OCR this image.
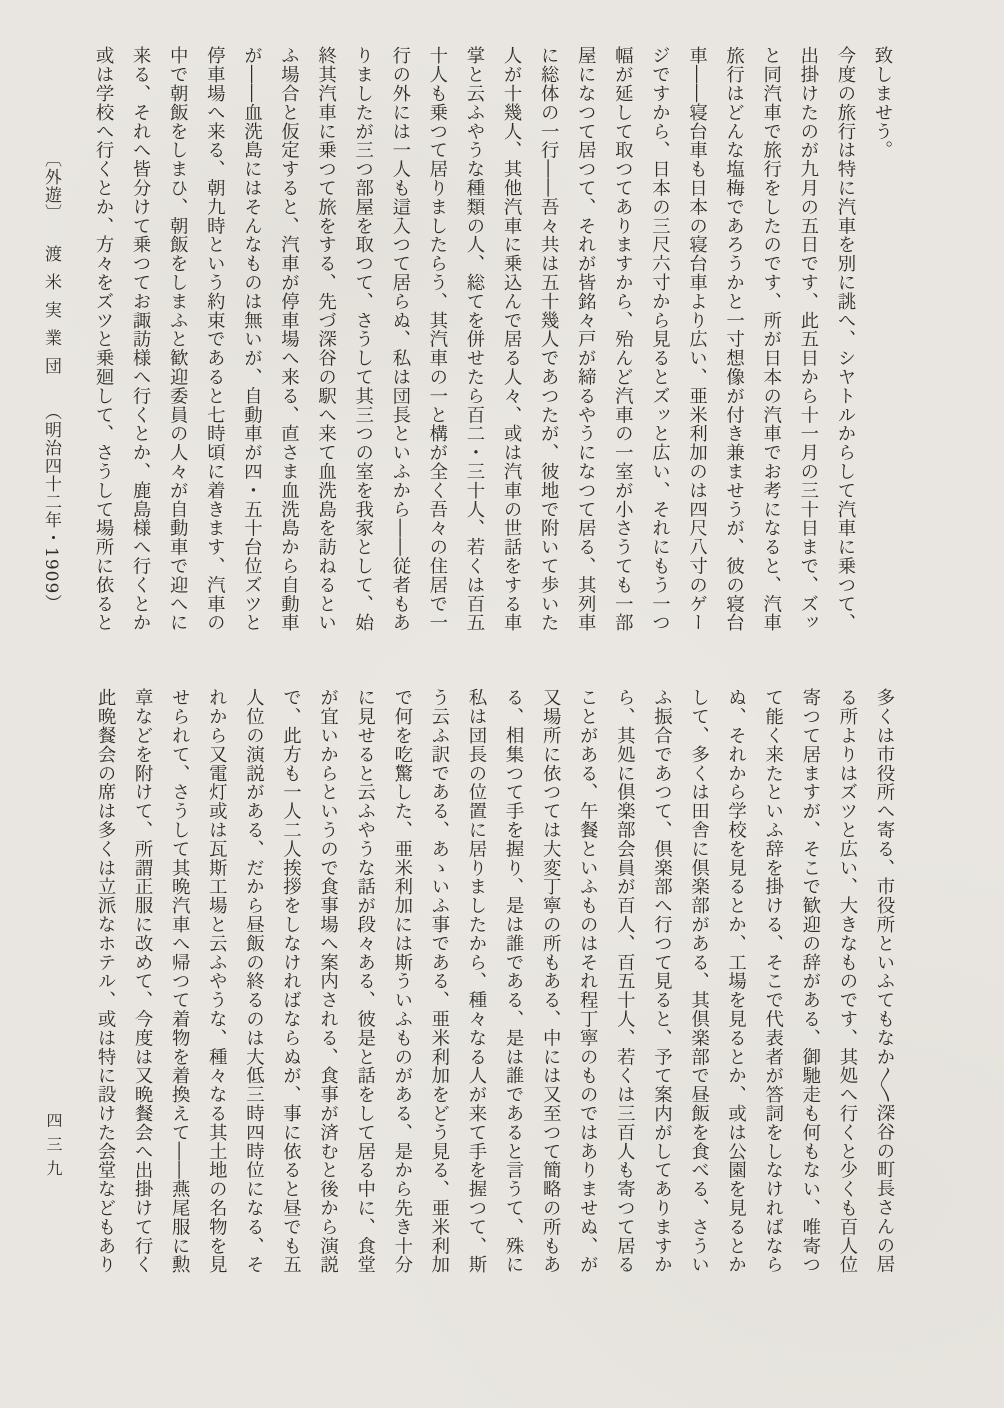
致しませう。
今度の旅行は特に汽車を別に誂へ、シヤトルからして汽車に乗つて、
出掛けたのが九月の五日です、此五日から十一月の三十日まで、ズッ
と同汽車で旅行をしたのです、所が日本の汽車でお考になると、汽車
旅行はどんな塩梅であろうかと一寸想像が付き兼ませうが、彼の寝台
車――寝台車も日本の寝台車より広い、亜米利加のは四尺八寸のゲー
ジですから、日本の三尺六寸から見るとズッと広い、それにもう一つ
幅が延して取つてありますから、殆んど汽車の一室が小さうても一部
屋になつて居つて、それが皆銘々戸が締るやうになつて居る、其列車
に総体の一行――吾々共は五十幾人であつたが、彼地で附いて歩いた
人が十幾人、其他汽車に乗込んで居る人々、或は汽車の世話をする車
掌と云ふやうな種類の人、総てを併せたら百二・三十人、若くは百五
十人も乗つて居りましたらう、其汽車の一と構が全く吾々の住居で一
行の外には一人も這入つて居らぬ、私は団長といふから――従者もあ
りましたが三つ部屋を取つて、さうして其三つの室を我家として、始
終其汽車に乗つて旅をする、先づ深谷の駅へ来て血洗島を訪ねるとい
ふ場合と仮定すると、汽車が停車場へ来る、直さま血洗島から自動車
が――血洗島にはそんなものは無いが、自動車が四・五十台位ズツと
停車場へ来る、朝九時という約束であると七時頃に着きます、汽車の
中で朝飯をしまひ、朝飯をしまふと歓迎委員の人々が自動車で迎へに
来る、それへ皆分けて乗つてお諏訪様へ行くとか、鹿島様へ行くとか
或は学校へ行くとか、方々をズツと乗廻して、さうして場所に依ると
多くは市役所へ寄る、市役所といふてもなか〱深谷の町長さんの居
る所よりはズツと広い、大きなものです、其処へ行くと少くも百人位
寄つて居ますが、そこで歓迎の辞がある、御馳走も何もない、唯寄つ
て能く来たといふ辞を掛ける、そこで代表者が答詞をしなければなら
ぬ、それから学校を見るとか、工場を見るとか、或は公園を見るとか
して、多くは田舎に倶楽部がある、其倶楽部で昼飯を食べる、さうい
ふ振合であつて、倶楽部へ行つて見ると、予て案内がしてありますか
ら、其処に倶楽部会員が百人、百五十人、若くは三百人も寄つて居る
ことがある、午餐といふものはそれ程丁寧のものではありませぬ、が
又場所に依つては大変丁寧の所もある、中には又至つて簡略の所もあ
る、相集つて手を握り、是は誰である、是は誰であると言うて、殊に
私は団長の位置に居りましたから、種々なる人が来て手を握つて、斯
う云ふ訳である、あゝいふ事である、亜米利加をどう見る、亜米利加
で何を吃驚した、亜米利加には斯ういふものがある、是から先き十分
に見せると云ふやうな話が段々ある、彼是と話をして居る中に、食堂
が宜いからというので食事場へ案内される、食事が済むと後から演説
で、此方も一人二人挨拶をしなければならぬが、事に依ると昼でも五
人位の演説がある、だから昼飯の終るのは大低三時四時位になる、そ
れから又電灯或は瓦斯工場と云ふやうな、種々なる其土地の名物を見
せられて、さうして其晩汽車へ帰つて着物を着換えて――燕尾服に勲
章などを附けて、所謂正服に改めて、今度は又晩餐会へ出掛けて行く
此晩餐会の席は多くは立派なホテル、或は特に設けた会堂などもあり
〔外遊〕 渡米実業団 （明治四十二年・1909）
四三九
